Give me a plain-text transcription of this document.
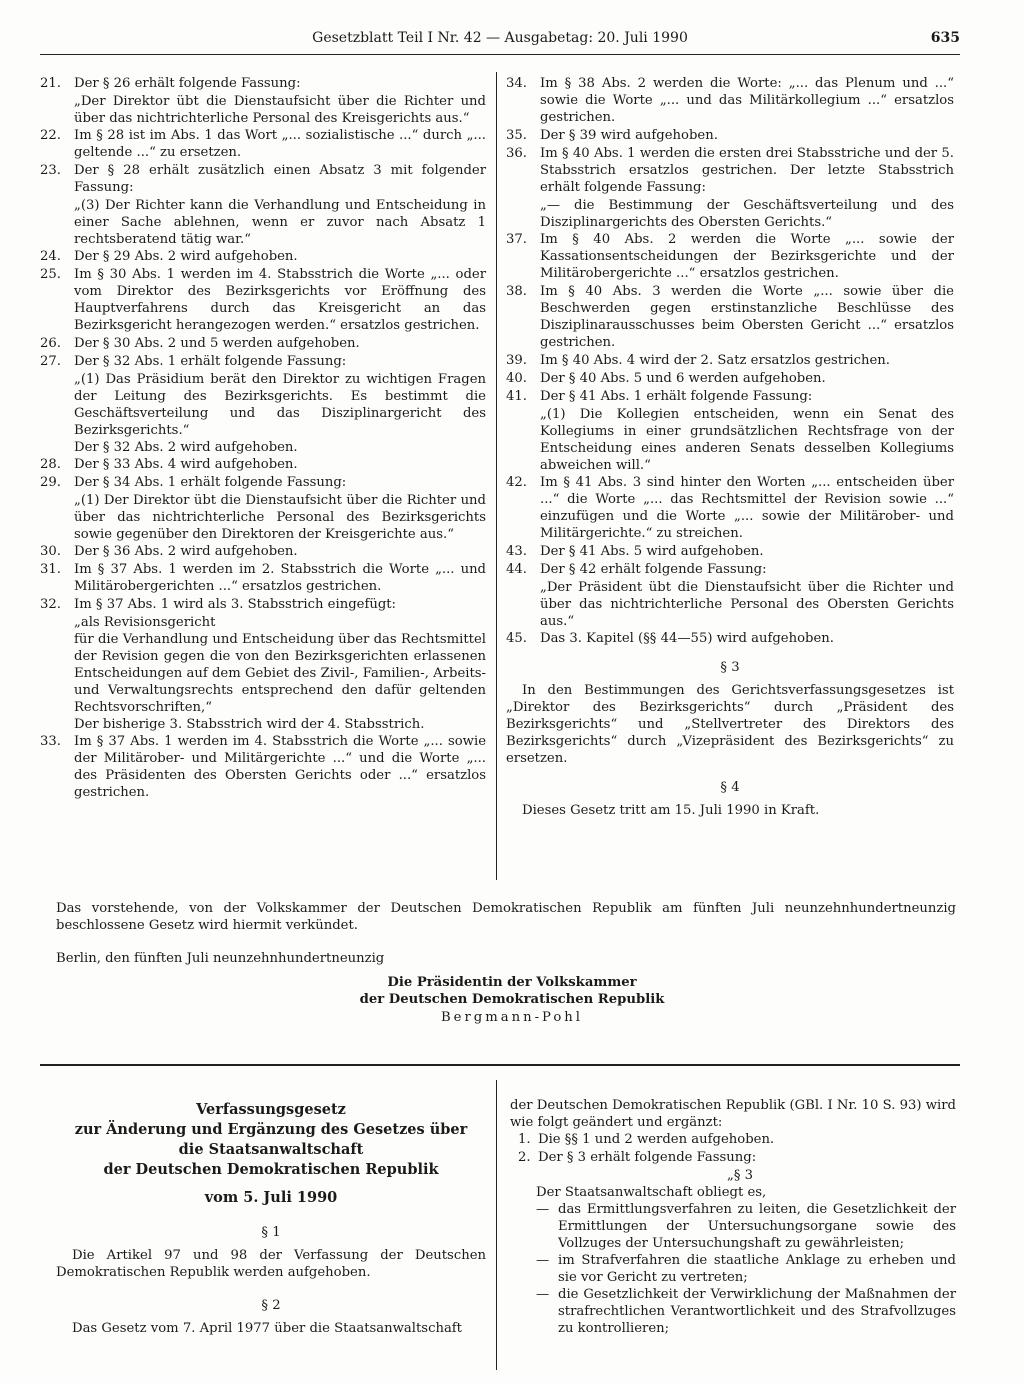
Gesetzblatt Teil I Nr. 42 — Ausgabetag: 20. Juli 1990	635
21. Der § 26 erhält folgende Fassung:
„Der Direktor übt die Dienstaufsicht über die Richter und über das nichtrichterliche Personal des Kreisgerichts aus.“
22. Im § 28 ist im Abs. 1 das Wort „... sozialistische ...“ durch „... geltende ...“ zu ersetzen.
23. Der § 28 erhält zusätzlich einen Absatz 3 mit folgender Fassung:
„(3) Der Richter kann die Verhandlung und Entscheidung in einer Sache ablehnen, wenn er zuvor nach Absatz 1 rechtsberatend tätig war.“
24. Der § 29 Abs. 2 wird aufgehoben.
25. Im § 30 Abs. 1 werden im 4. Stabsstrich die Worte „... oder vom Direktor des Bezirksgerichts vor Eröffnung des Hauptverfahrens durch das Kreisgericht an das Bezirksgericht herangezogen werden.“ ersatzlos gestrichen.
26. Der § 30 Abs. 2 und 5 werden aufgehoben.
27. Der § 32 Abs. 1 erhält folgende Fassung:
„(1) Das Präsidium berät den Direktor zu wichtigen Fragen der Leitung des Bezirksgerichts. Es bestimmt die Geschäftsverteilung und das Disziplinargericht des Bezirksgerichts.“
Der § 32 Abs. 2 wird aufgehoben.
28. Der § 33 Abs. 4 wird aufgehoben.
29. Der § 34 Abs. 1 erhält folgende Fassung:
„(1) Der Direktor übt die Dienstaufsicht über die Richter und über das nichtrichterliche Personal des Bezirksgerichts sowie gegenüber den Direktoren der Kreisgerichte aus.“
30. Der § 36 Abs. 2 wird aufgehoben.
31. Im § 37 Abs. 1 werden im 2. Stabsstrich die Worte „... und Militärobergerichten ...“ ersatzlos gestrichen.
32. Im § 37 Abs. 1 wird als 3. Stabsstrich eingefügt:
„als Revisionsgericht
für die Verhandlung und Entscheidung über das Rechtsmittel der Revision gegen die von den Bezirksgerichten erlassenen Entscheidungen auf dem Gebiet des Zivil-, Familien-, Arbeits- und Verwaltungsrechts entsprechend den dafür geltenden Rechtsvorschriften,“
Der bisherige 3. Stabsstrich wird der 4. Stabsstrich.
33. Im § 37 Abs. 1 werden im 4. Stabsstrich die Worte „... sowie der Militärober- und Militärgerichte ...“ und die Worte „... des Präsidenten des Obersten Gerichts oder ...“ ersatzlos gestrichen.
34. Im § 38 Abs. 2 werden die Worte: „... das Plenum und ...“ sowie die Worte „... und das Militärkollegium ...“ ersatzlos gestrichen.
35. Der § 39 wird aufgehoben.
36. Im § 40 Abs. 1 werden die ersten drei Stabsstriche und der 5. Stabsstrich ersatzlos gestrichen. Der letzte Stabsstrich erhält folgende Fassung:
„— die Bestimmung der Geschäftsverteilung und des Disziplinargerichts des Obersten Gerichts.“
37. Im § 40 Abs. 2 werden die Worte „... sowie der Kassationsentscheidungen der Bezirksgerichte und der Militärobergerichte ...“ ersatzlos gestrichen.
38. Im § 40 Abs. 3 werden die Worte „... sowie über die Beschwerden gegen erstinstanzliche Beschlüsse des Disziplinarausschusses beim Obersten Gericht ...“ ersatzlos gestrichen.
39. Im § 40 Abs. 4 wird der 2. Satz ersatzlos gestrichen.
40. Der § 40 Abs. 5 und 6 werden aufgehoben.
41. Der § 41 Abs. 1 erhält folgende Fassung:
„(1) Die Kollegien entscheiden, wenn ein Senat des Kollegiums in einer grundsätzlichen Rechtsfrage von der Entscheidung eines anderen Senats desselben Kollegiums abweichen will.“
42. Im § 41 Abs. 3 sind hinter den Worten „... entscheiden über ...“ die Worte „... das Rechtsmittel der Revision sowie ...“ einzufügen und die Worte „... sowie der Militärober- und Militärgerichte.“ zu streichen.
43. Der § 41 Abs. 5 wird aufgehoben.
44. Der § 42 erhält folgende Fassung:
„Der Präsident übt die Dienstaufsicht über die Richter und über das nichtrichterliche Personal des Obersten Gerichts aus.“
45. Das 3. Kapitel (§§ 44—55) wird aufgehoben.
§ 3
In den Bestimmungen des Gerichtsverfassungsgesetzes ist „Direktor des Bezirksgerichts“ durch „Präsident des Bezirksgerichts“ und „Stellvertreter des Direktors des Bezirksgerichts“ durch „Vizepräsident des Bezirksgerichts“ zu ersetzen.
§ 4
Dieses Gesetz tritt am 15. Juli 1990 in Kraft.
Das vorstehende, von der Volkskammer der Deutschen Demokratischen Republik am fünften Juli neunzehnhundertneunzig beschlossene Gesetz wird hiermit verkündet.
Berlin, den fünften Juli neunzehnhundertneunzig
Die Präsidentin der Volkskammer
der Deutschen Demokratischen Republik
Bergmann-Pohl
Verfassungsgesetz
zur Änderung und Ergänzung des Gesetzes über
die Staatsanwaltschaft
der Deutschen Demokratischen Republik
vom 5. Juli 1990
§ 1
Die Artikel 97 und 98 der Verfassung der Deutschen Demokratischen Republik werden aufgehoben.
§ 2
Das Gesetz vom 7. April 1977 über die Staatsanwaltschaft
der Deutschen Demokratischen Republik (GBl. I Nr. 10 S. 93) wird wie folgt geändert und ergänzt:
1. Die §§ 1 und 2 werden aufgehoben.
2. Der § 3 erhält folgende Fassung:
„§ 3
Der Staatsanwaltschaft obliegt es,
— das Ermittlungsverfahren zu leiten, die Gesetzlichkeit der Ermittlungen der Untersuchungsorgane sowie des Vollzuges der Untersuchungshaft zu gewährleisten;
— im Strafverfahren die staatliche Anklage zu erheben und sie vor Gericht zu vertreten;
— die Gesetzlichkeit der Verwirklichung der Maßnahmen der strafrechtlichen Verantwortlichkeit und des Strafvollzuges zu kontrollieren;
